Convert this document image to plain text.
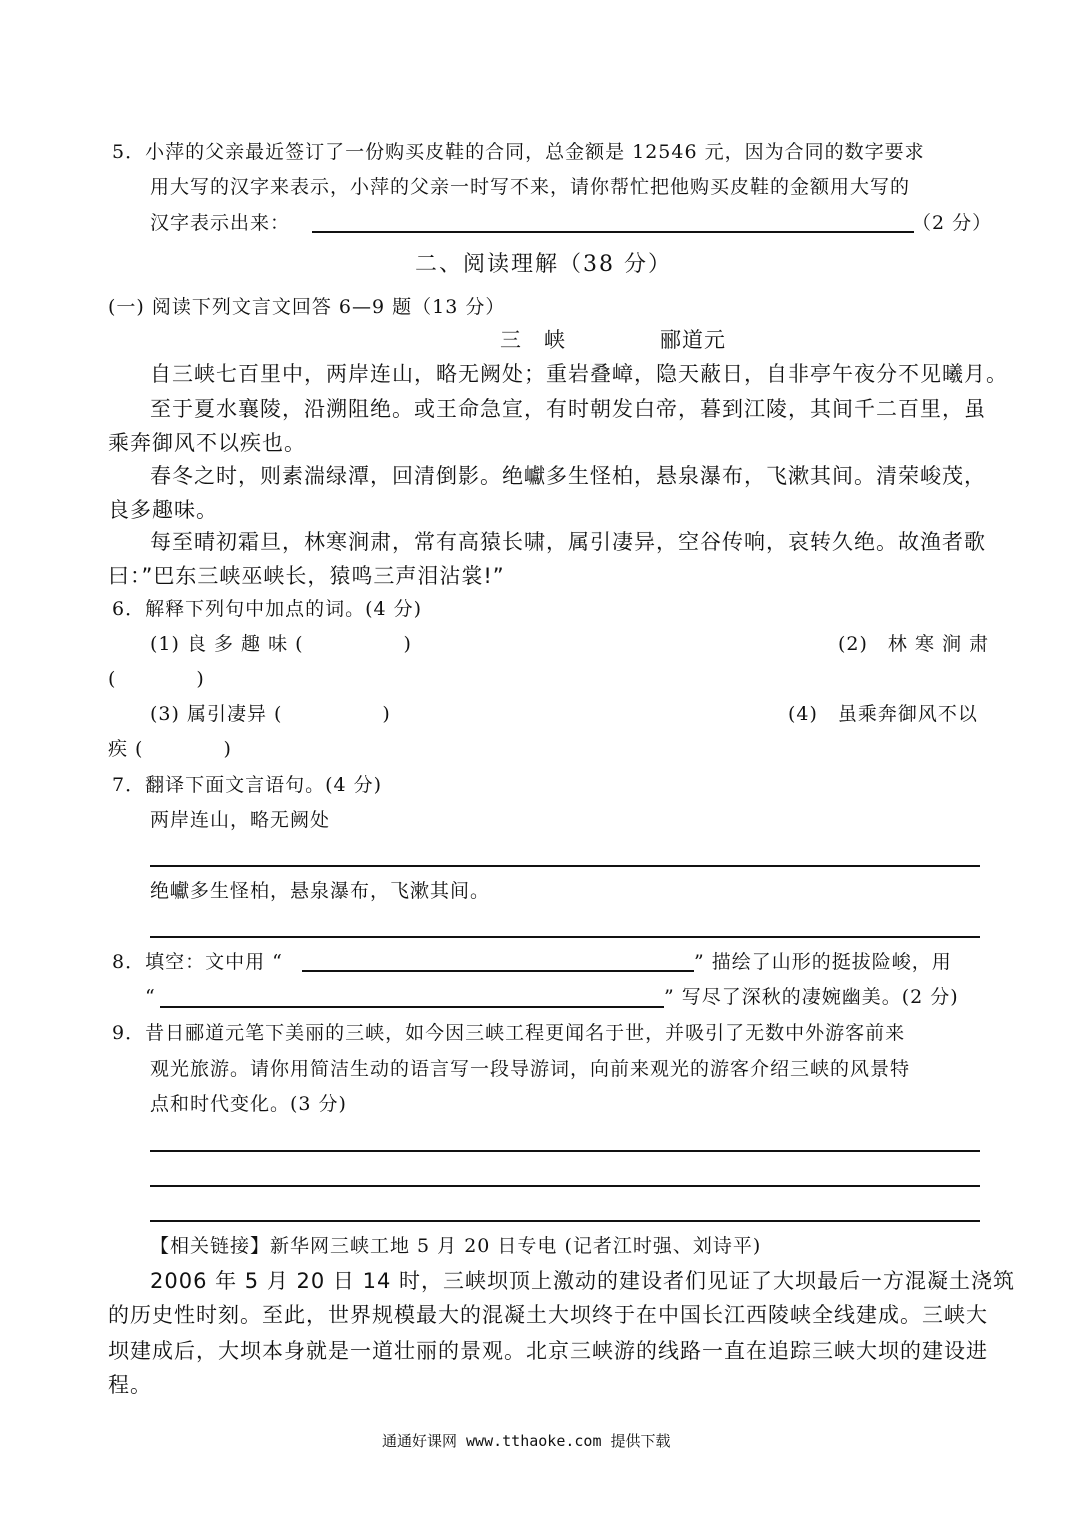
5．小萍的父亲最近签订了一份购买皮鞋的合同，总金额是 12546 元，因为合同的数字要求
用大写的汉字来表示，小萍的父亲一时写不来，请你帮忙把他购买皮鞋的金额用大写的
汉字表示出来：	（2 分）
二、阅读理解（38 分）
(一) 阅读下列文言文回答 6—9 题（13 分）
三　峡	郦道元
自三峡七百里中，两岸连山，略无阙处；重岩叠嶂，隐天蔽日，自非亭午夜分不见曦月。
至于夏水襄陵，沿溯阻绝。或王命急宣，有时朝发白帝，暮到江陵，其间千二百里，虽
乘奔御风不以疾也。
春冬之时，则素湍绿潭，回清倒影。绝巘多生怪柏，悬泉瀑布，飞漱其间。清荣峻茂，
良多趣味。
每至晴初霜旦，林寒涧肃，常有高猿长啸，属引凄异，空谷传响，哀转久绝。故渔者歌
曰：”巴东三峡巫峡长，猿鸣三声泪沾裳!”
6．解释下列句中加点的词。(4 分)
(1) 良 多 趣 味 (　　　　　)	(2)　林 寒 涧 肃
(　　　　)
(3) 属引凄异 (　　　　　)	(4)　虽乘奔御风不以
疾 (　　　　)
7．翻译下面文言语句。(4 分)
两岸连山，略无阙处
绝巘多生怪柏，悬泉瀑布，飞漱其间。
8．填空：文中用 “	” 描绘了山形的挺拔险峻，用
“	” 写尽了深秋的凄婉幽美。(2 分)
9．昔日郦道元笔下美丽的三峡，如今因三峡工程更闻名于世，并吸引了无数中外游客前来
观光旅游。请你用简洁生动的语言写一段导游词，向前来观光的游客介绍三峡的风景特
点和时代变化。(3 分)
【相关链接】新华网三峡工地 5 月 20 日专电 (记者江时强、刘诗平)
2006 年 5 月 20 日 14 时，三峡坝顶上激动的建设者们见证了大坝最后一方混凝土浇筑
的历史性时刻。至此，世界规模最大的混凝土大坝终于在中国长江西陵峡全线建成。三峡大
坝建成后，大坝本身就是一道壮丽的景观。北京三峡游的线路一直在追踪三峡大坝的建设进
程。
通通好课网 www.tthaoke.com 提供下载
